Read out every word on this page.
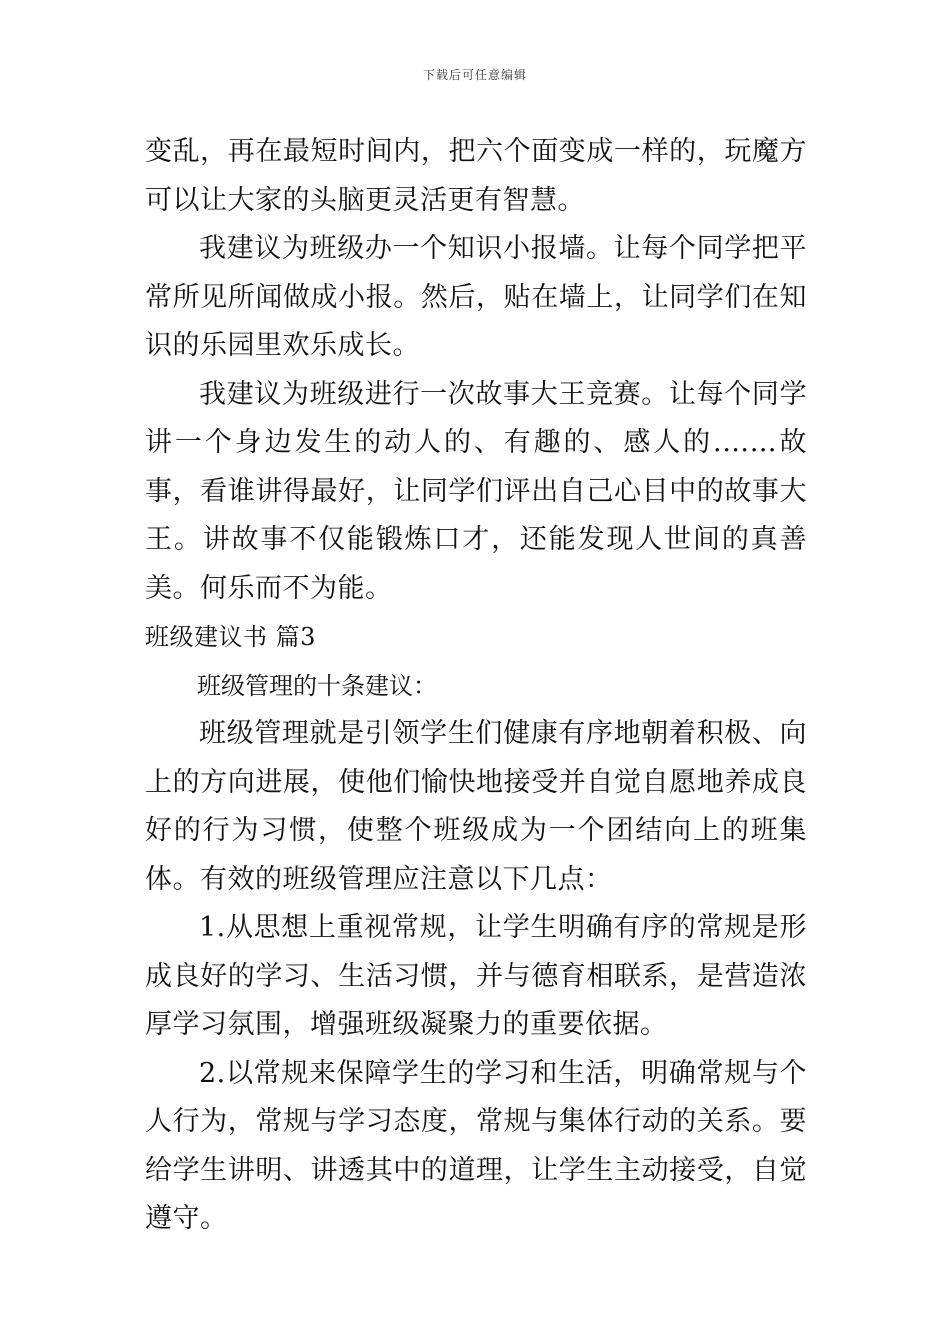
下载后可任意编辑

变乱，再在最短时间内，把六个面变成一样的，玩魔方可以让大家的头脑更灵活更有智慧。

我建议为班级办一个知识小报墙。让每个同学把平常所见所闻做成小报。然后，贴在墙上，让同学们在知识的乐园里欢乐成长。

我建议为班级进行一次故事大王竞赛。让每个同学讲一个身边发生的动人的、有趣的、感人的.……故事，看谁讲得最好，让同学们评出自己心目中的故事大王。讲故事不仅能锻炼口才，还能发现人世间的真善美。何乐而不为能。

班级建议书 篇3

班级管理的十条建议：

班级管理就是引领学生们健康有序地朝着积极、向上的方向进展，使他们愉快地接受并自觉自愿地养成良好的行为习惯，使整个班级成为一个团结向上的班集体。有效的班级管理应注意以下几点：

1.从思想上重视常规，让学生明确有序的常规是形成良好的学习、生活习惯，并与德育相联系，是营造浓厚学习氛围，增强班级凝聚力的重要依据。

2.以常规来保障学生的学习和生活，明确常规与个人行为，常规与学习态度，常规与集体行动的关系。要给学生讲明、讲透其中的道理，让学生主动接受，自觉遵守。
